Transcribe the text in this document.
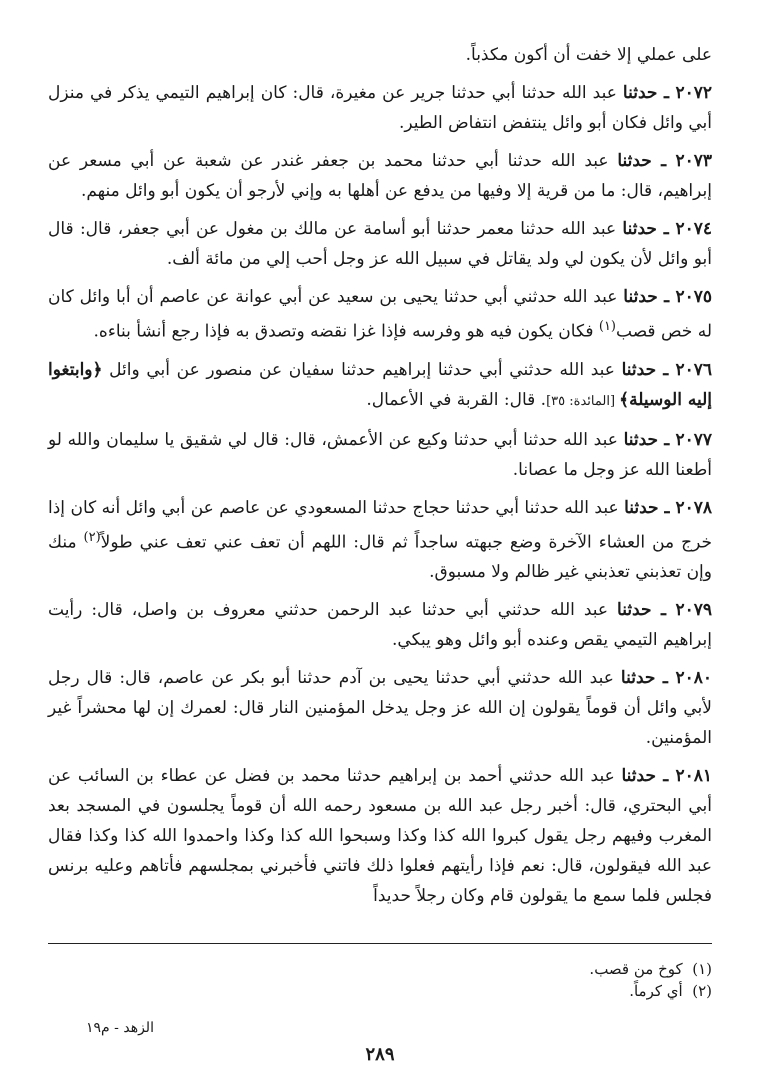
على عملي إلا خفت أن أكون مكذباً.

٢٠٧٢ ـ حدثنا عبد الله حدثنا أبي حدثنا جرير عن مغيرة، قال: كان إبراهيم التيمي يذكر في منزل أبي وائل فكان أبو وائل ينتفض انتفاض الطير.

٢٠٧٣ ـ حدثنا عبد الله حدثنا أبي حدثنا محمد بن جعفر غندر عن شعبة عن أبي مسعر عن إبراهيم، قال: ما من قرية إلا وفيها من يدفع عن أهلها به وإني لأرجو أن يكون أبو وائل منهم.

٢٠٧٤ ـ حدثنا عبد الله حدثنا معمر حدثنا أبو أسامة عن مالك بن مغول عن أبي جعفر، قال: قال أبو وائل لأن يكون لي ولد يقاتل في سبيل الله عز وجل أحب إلي من مائة ألف.

٢٠٧٥ ـ حدثنا عبد الله حدثني أبي حدثنا يحيى بن سعيد عن أبي عوانة عن عاصم أن أبا وائل كان له خص قصب$^{(١)}$ فكان يكون فيه هو وفرسه فإذا غزا نقضه وتصدق به فإذا رجع أنشأ بناءه.

٢٠٧٦ ـ حدثنا عبد الله حدثني أبي حدثنا إبراهيم حدثنا سفيان عن منصور عن أبي وائل ﴿وابتغوا إليه الوسيلة﴾ [المائدة: ٣٥]. قال: القربة في الأعمال.

٢٠٧٧ ـ حدثنا عبد الله حدثنا أبي حدثنا وكيع عن الأعمش، قال: قال لي شقيق يا سليمان والله لو أطعنا الله عز وجل ما عصانا.

٢٠٧٨ ـ حدثنا عبد الله حدثنا أبي حدثنا حجاج حدثنا المسعودي عن عاصم عن أبي وائل أنه كان إذا خرج من العشاء الآخرة وضع جبهته ساجداً ثم قال: اللهم أن تعف عني تعف عني طولاً$^{(٢)}$ منك وإن تعذبني تعذبني غير ظالم ولا مسبوق.

٢٠٧٩ ـ حدثنا عبد الله حدثني أبي حدثنا عبد الرحمن حدثني معروف بن واصل، قال: رأيت إبراهيم التيمي يقص وعنده أبو وائل وهو يبكي.

٢٠٨٠ ـ حدثنا عبد الله حدثني أبي حدثنا يحيى بن آدم حدثنا أبو بكر عن عاصم، قال: قال رجل لأبي وائل أن قوماً يقولون إن الله عز وجل يدخل المؤمنين النار قال: لعمرك إن لها محشراً غير المؤمنين.

٢٠٨١ ـ حدثنا عبد الله حدثني أحمد بن إبراهيم حدثنا محمد بن فضل عن عطاء بن السائب عن أبي البحتري، قال: أخبر رجل عبد الله بن مسعود رحمه الله أن قوماً يجلسون في المسجد بعد المغرب وفيهم رجل يقول كبروا الله كذا وكذا وسبحوا الله كذا وكذا واحمدوا الله كذا وكذا فقال عبد الله فيقولون، قال: نعم فإذا رأيتهم فعلوا ذلك فاتني فأخبرني بمجلسهم فأتاهم وعليه برنس فجلس فلما سمع ما يقولون قام وكان رجلاً حديداً

(١)  كوخ من قصب.

(٢)  أي كرماً.

الزهد - م١٩
٢٨٩
